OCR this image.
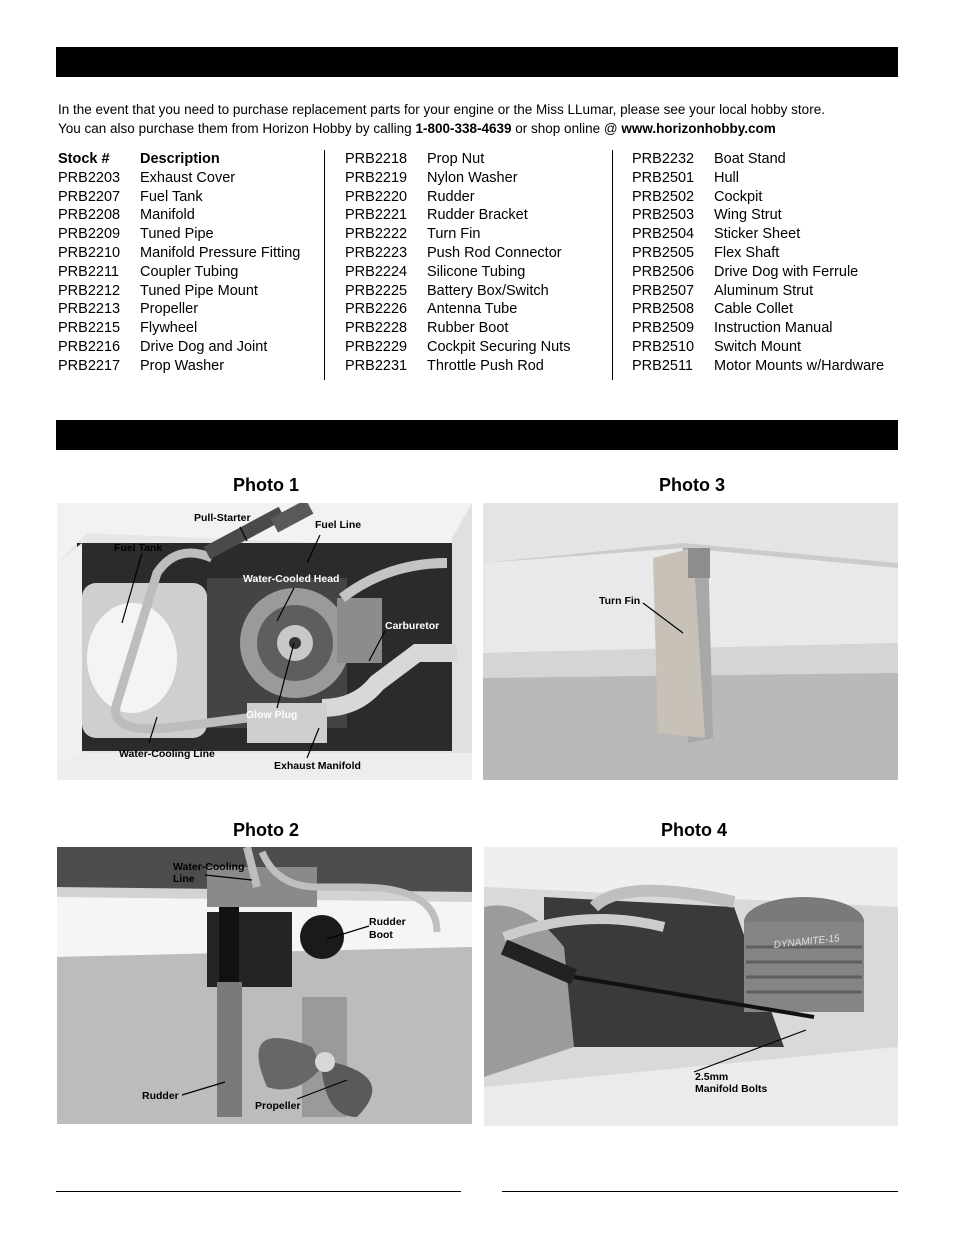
In the event that you need to purchase replacement parts for your engine or the Miss LLumar, please see your local hobby store.
You can also purchase them from Horizon Hobby by calling 1-800-338-4639 or shop online @ www.horizonhobby.com
Stock #	Description
PRB2203	Exhaust Cover
PRB2207	Fuel Tank
PRB2208	Manifold
PRB2209	Tuned Pipe
PRB2210	Manifold Pressure Fitting
PRB2211	Coupler Tubing
PRB2212	Tuned Pipe Mount
PRB2213	Propeller
PRB2215	Flywheel
PRB2216	Drive Dog and Joint
PRB2217	Prop Washer
PRB2218	Prop Nut
PRB2219	Nylon Washer
PRB2220	Rudder
PRB2221	Rudder Bracket
PRB2222	Turn Fin
PRB2223	Push Rod Connector
PRB2224	Silicone Tubing
PRB2225	Battery Box/Switch
PRB2226	Antenna Tube
PRB2228	Rubber Boot
PRB2229	Cockpit Securing Nuts
PRB2231	Throttle Push Rod
PRB2232	Boat Stand
PRB2501	Hull
PRB2502	Cockpit
PRB2503	Wing Strut
PRB2504	Sticker Sheet
PRB2505	Flex Shaft
PRB2506	Drive Dog with Ferrule
PRB2507	Aluminum Strut
PRB2508	Cable Collet
PRB2509	Instruction Manual
PRB2510	Switch Mount
PRB2511	Motor Mounts w/Hardware
Photo 1	Photo 3
Photo 2	Photo 4
Pull-Starter
Fuel Line
Fuel Tank
Water-Cooled Head
Carburetor
Glow Plug
Water-Cooling Line
Exhaust Manifold
Turn Fin
Water-Cooling
Line
Rudder
Boot
Rudder
Propeller
DYNAMITE-15
2.5mm
Manifold Bolts
